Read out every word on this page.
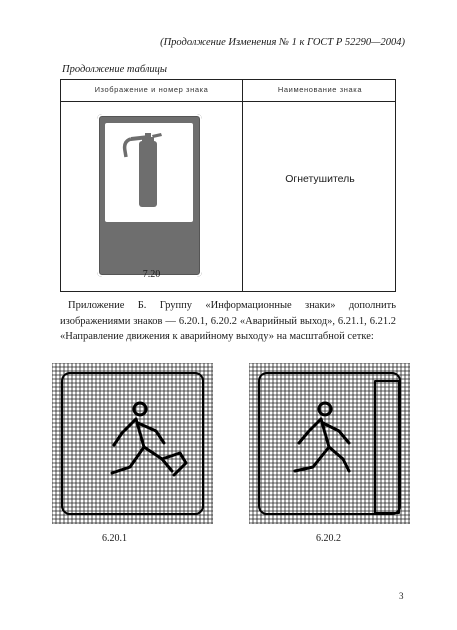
(Продолжение Изменения № 1 к ГОСТ Р 52290—2004)
Продолжение таблицы
Изображение и номер знака	Наименование знака
7.20
Огнетушитель
Приложение Б. Группу «Информационные знаки» дополнить изображениями знаков — 6.20.1, 6.20.2 «Аварийный выход», 6.21.1, 6.21.2 «Направление движения к аварийному выходу» на масштабной сетке:
6.20.1	6.20.2
3
